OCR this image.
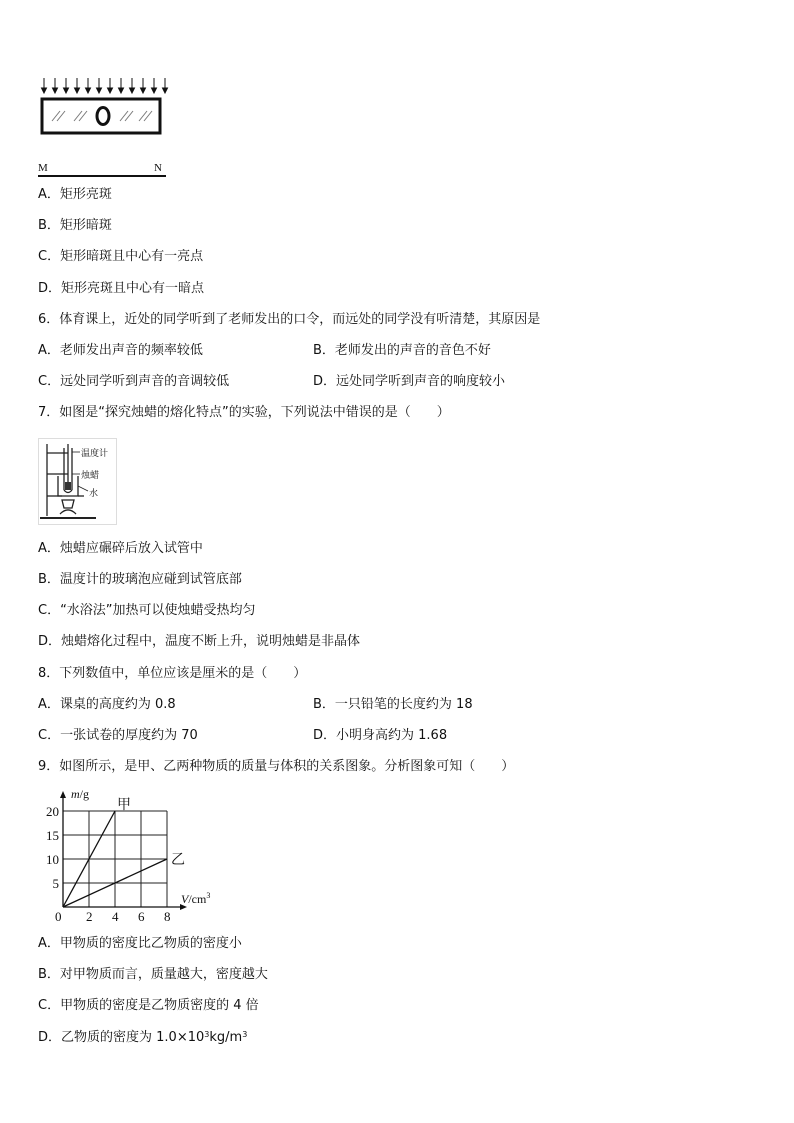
M	N
A．矩形亮斑
B．矩形暗斑
C．矩形暗斑且中心有一亮点
D．矩形亮斑且中心有一暗点
6．体育课上，近处的同学听到了老师发出的口令，而远处的同学没有听清楚，其原因是
A．老师发出声音的频率较低	B．老师发出的声音的音色不好
C．远处同学听到声音的音调较低	D．远处同学听到声音的响度较小
7．如图是“探究烛蜡的熔化特点”的实验，下列说法中错误的是（　　）
温度计
烛蜡
水
A．烛蜡应碾碎后放入试管中
B．温度计的玻璃泡应碰到试管底部
C．“水浴法”加热可以使烛蜡受热均匀
D．烛蜡熔化过程中，温度不断上升，说明烛蜡是非晶体
8．下列数值中，单位应该是厘米的是（　　）
A．课桌的高度约为 0.8	B．一只铅笔的长度约为 18
C．一张试卷的厚度约为 70	D．小明身高约为 1.68
9．如图所示，是甲、乙两种物质的质量与体积的关系图象。分析图象可知（　　）
0 2 4 6 8
5
10
15
20
m/g
$V/cm^3$
甲
乙
A．甲物质的密度比乙物质的密度小
B．对甲物质而言，质量越大，密度越大
C．甲物质的密度是乙物质密度的 4 倍
D．乙物质的密度为 $1.0\times 10^3kg/m^3$
